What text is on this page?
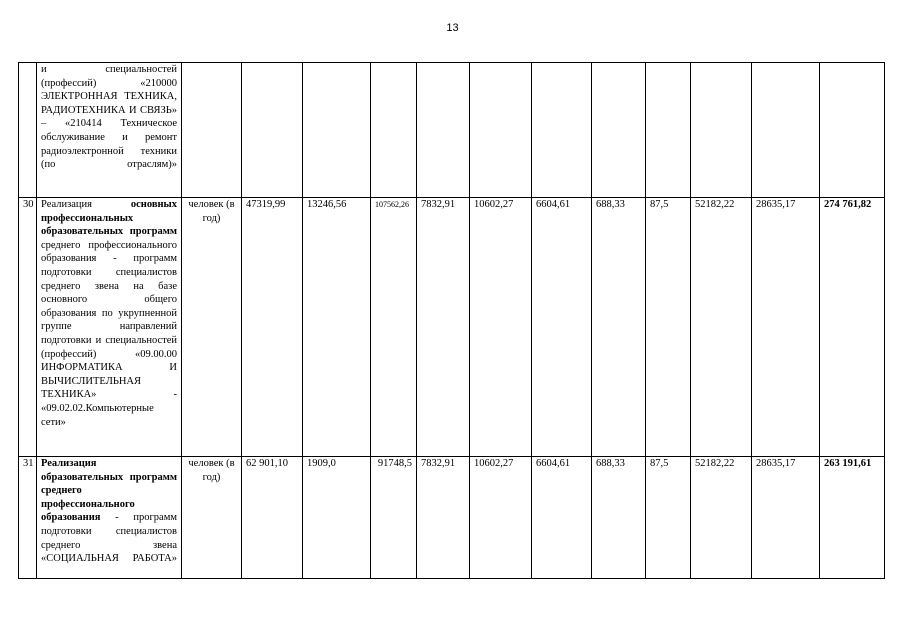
13

	и специальностей (профессий) «210000 ЭЛЕКТРОННАЯ ТЕХНИКА, РАДИОТЕХНИКА И СВЯЗЬ» – «210414 Техническое обслуживание и ремонт радиоэлектронной техники (по отраслям)»												

30	Реализация основных профессиональных образовательных программ среднего профессионального образования - программ подготовки специалистов среднего звена на базе основного общего образования по укрупненной группе направлений подготовки и специальностей (профессий) «09.00.00 ИНФОРМАТИКА И ВЫЧИСЛИТЕЛЬНАЯ ТЕХНИКА» - «09.02.02.Компьютерные сети»	человек (в год)	47319,99	13246,56	107562,26	7832,91	10602,27	6604,61	688,33	87,5	52182,22	28635,17	274 761,82
31	Реализация образовательных программ среднего профессионального образования - программ подготовки специалистов среднего звена «СОЦИАЛЬНАЯ РАБОТА»	человек (в год)	62 901,10	1909,0	91748,5	7832,91	10602,27	6604,61	688,33	87,5	52182,22	28635,17	263 191,61
